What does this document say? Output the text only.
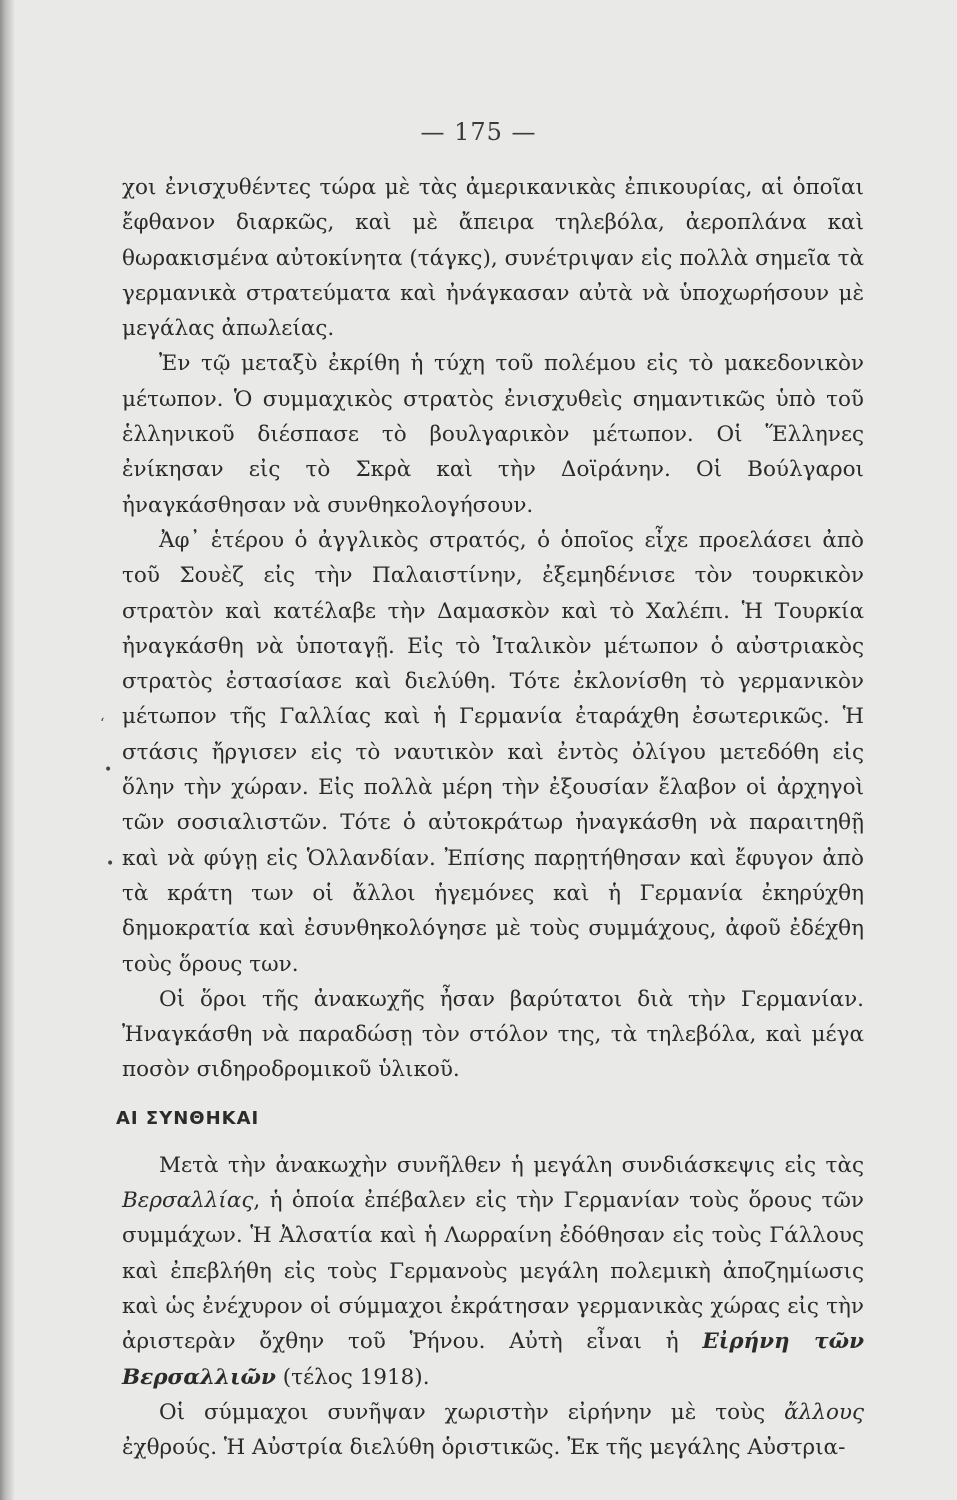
— 175 —
ʻ
•
•

χοι ἐνισχυθέντες τώρα μὲ τὰς ἀμερικανικὰς ἐπικουρίας, αἱ ὁποῖαι ἔφθανον διαρκῶς, καὶ μὲ ἄπειρα τηλεβόλα, ἀεροπλάνα καὶ θωρακισμένα αὐτοκίνητα (τάγκς), συνέτριψαν εἰς πολλὰ σημεῖα τὰ γερμανικὰ στρατεύματα καὶ ἠνάγκασαν αὐτὰ νὰ ὑποχωρήσουν μὲ μεγάλας ἀπωλείας.

Ἐν τῷ μεταξὺ ἐκρίθη ἡ τύχη τοῦ πολέμου εἰς τὸ μακεδονικὸν μέτωπον. Ὁ συμμαχικὸς στρατὸς ἐνισχυθεὶς σημαντικῶς ὑπὸ τοῦ ἑλληνικοῦ διέσπασε τὸ βουλγαρικὸν μέτωπον. Οἱ Ἕλληνες ἐνίκησαν εἰς τὸ Σκρὰ καὶ τὴν Δοϊράνην. Οἱ Βούλγαροι ἠναγκάσθησαν νὰ συνθηκολογήσουν.

Ἀφ᾽ ἑτέρου ὁ ἀγγλικὸς στρατός, ὁ ὁποῖος εἶχε προελάσει ἀπὸ τοῦ Σουὲζ εἰς τὴν Παλαιστίνην, ἐξεμηδένισε τὸν τουρκικὸν στρατὸν καὶ κατέλαβε τὴν Δαμασκὸν καὶ τὸ Χαλέπι. Ἡ Τουρκία ἠναγκάσθη νὰ ὑποταγῇ. Εἰς τὸ Ἰταλικὸν μέτωπον ὁ αὐστριακὸς στρατὸς ἐστασίασε καὶ διελύθη. Τότε ἐκλονίσθη τὸ γερμανικὸν μέτωπον τῆς Γαλλίας καὶ ἡ Γερμανία ἐταράχθη ἐσωτερικῶς. Ἡ στάσις ἤργισεν εἰς τὸ ναυτικὸν καὶ ἐντὸς ὀλίγου μετεδόθη εἰς ὅλην τὴν χώραν. Εἰς πολλὰ μέρη τὴν ἐξουσίαν ἔλαβον οἱ ἀρχηγοὶ τῶν σοσιαλιστῶν. Τότε ὁ αὐτοκράτωρ ἠναγκάσθη νὰ παραιτηθῇ καὶ νὰ φύγῃ εἰς Ὁλλανδίαν. Ἐπίσης παρῃτήθησαν καὶ ἔφυγον ἀπὸ τὰ κράτη των οἱ ἄλλοι ἡγεμόνες καὶ ἡ Γερμανία ἐκηρύχθη δημοκρατία καὶ ἐσυνθηκολόγησε μὲ τοὺς συμμάχους, ἀφοῦ ἐδέχθη τοὺς ὅρους των.

Οἱ ὅροι τῆς ἀνακωχῆς ἦσαν βαρύτατοι διὰ τὴν Γερμανίαν. Ἠναγκάσθη νὰ παραδώσῃ τὸν στόλον της, τὰ τηλεβόλα, καὶ μέγα ποσὸν σιδηροδρομικοῦ ὑλικοῦ.

ΑΙ ΣΥΝΘΗΚΑΙ

Μετὰ τὴν ἀνακωχὴν συνῆλθεν ἡ μεγάλη συνδιάσκεψις εἰς τὰς Βερσαλλίας, ἡ ὁποία ἐπέβαλεν εἰς τὴν Γερμανίαν τοὺς ὅρους τῶν συμμάχων. Ἡ Ἀλσατία καὶ ἡ Λωρραίνη ἐδόθησαν εἰς τοὺς Γάλλους καὶ ἐπεβλήθη εἰς τοὺς Γερμανοὺς μεγάλη πολεμικὴ ἀποζημίωσις καὶ ὡς ἐνέχυρον οἱ σύμμαχοι ἐκράτησαν γερμανικὰς χώρας εἰς τὴν ἀριστερὰν ὄχθην τοῦ Ῥήνου. Αὐτὴ εἶναι ἡ Εἰρήνη τῶν Βερσαλλιῶν (τέλος 1918).

Οἱ σύμμαχοι συνῆψαν χωριστὴν εἰρήνην μὲ τοὺς ἄλλους ἐχθρούς. Ἡ Αὐστρία διελύθη ὁριστικῶς. Ἐκ τῆς μεγάλης Αὐστρια-
